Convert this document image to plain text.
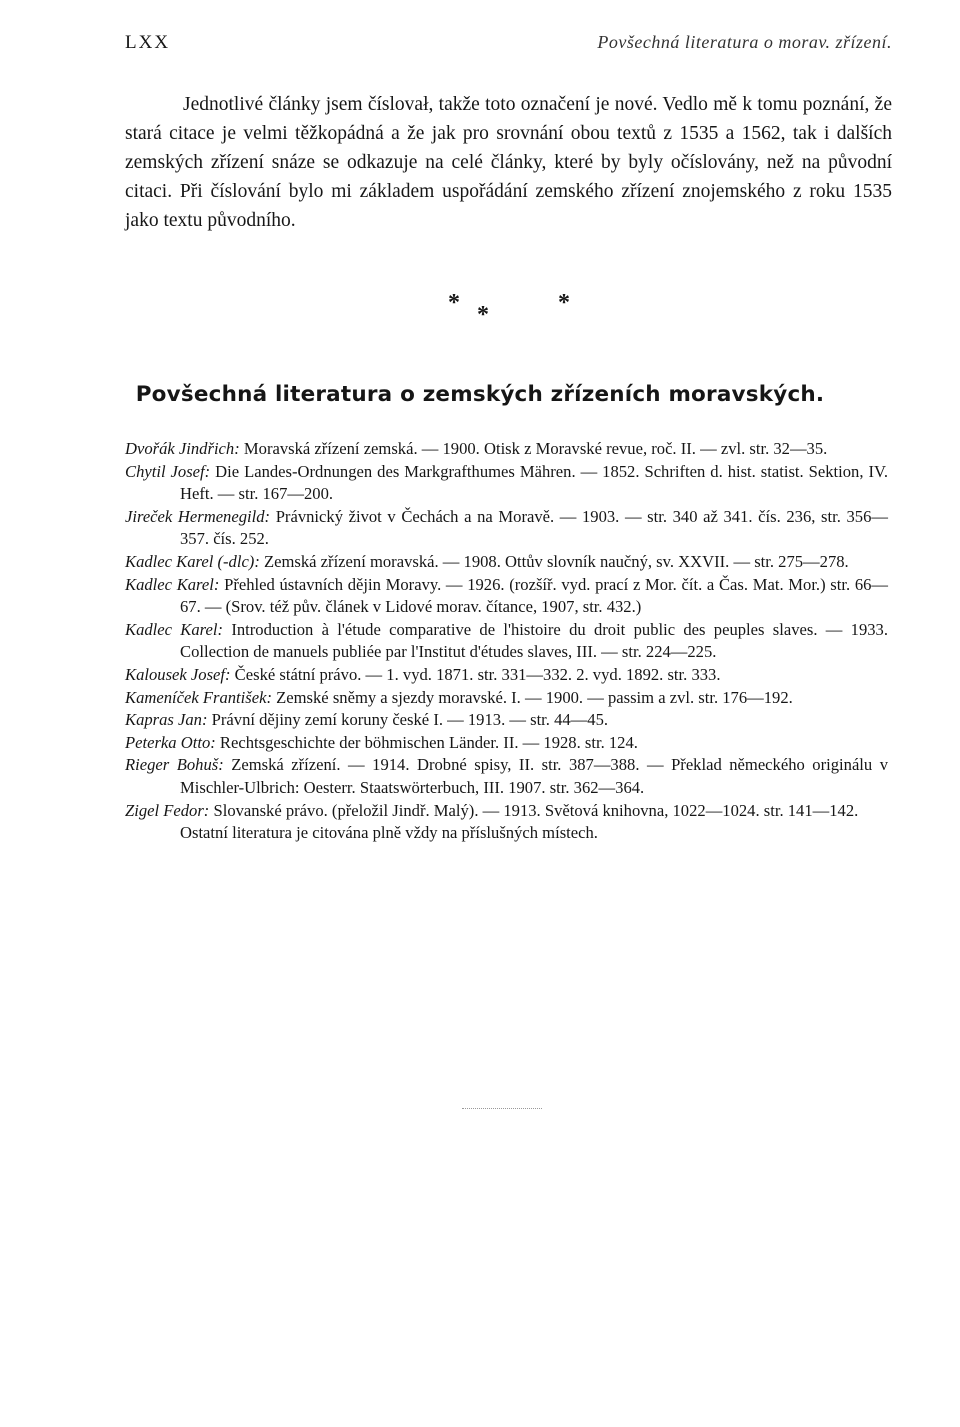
LXX	Povšechná literatura o morav. zřízení.

Jednotlivé články jsem číslovał, takže toto označení je nové. Vedlo mě k tomu poznání, že stará citace je velmi těžkopádná a že jak pro srovnání obou textů z 1535 a 1562, tak i dalších zemských zřízení snáze se odkazuje na celé články, které by byly očíslovány, než na původní citaci. Při číslování bylo mi základem uspořádání zemského zřízení znojemského z roku 1535 jako textu původního.

* *	*
Povšechná literatura o zemských zřízeních moravských.
Dvořák Jindřich: Moravská zřízení zemská. — 1900. Otisk z Moravské revue, roč. II. — zvl. str. 32—35.
Chytil Josef: Die Landes-Ordnungen des Markgrafthumes Mähren. — 1852. Schriften d. hist. statist. Sektion, IV. Heft. — str. 167—200.
Jireček Hermenegild: Právnický život v Čechách a na Moravě. — 1903. — str. 340 až 341. čís. 236, str. 356—357. čís. 252.
Kadlec Karel (-dlc): Zemská zřízení moravská. — 1908. Ottův slovník naučný, sv. XXVII. — str. 275—278.
Kadlec Karel: Přehled ústavních dějin Moravy. — 1926. (rozšíř. vyd. prací z Mor. čít. a Čas. Mat. Mor.) str. 66—67. — (Srov. též pův. článek v Lidové morav. čítance, 1907, str. 432.)
Kadlec Karel: Introduction à l'étude comparative de l'histoire du droit public des peuples slaves. — 1933. Collection de manuels publiée par l'Institut d'études slaves, III. — str. 224—225.
Kalousek Josef: České státní právo. — 1. vyd. 1871. str. 331—332. 2. vyd. 1892. str. 333.
Kameníček František: Zemské sněmy a sjezdy moravské. I. — 1900. — passim a zvl. str. 176—192.
Kapras Jan: Právní dějiny zemí koruny české I. — 1913. — str. 44—45.
Peterka Otto: Rechtsgeschichte der böhmischen Länder. II. — 1928. str. 124.
Rieger Bohuš: Zemská zřízení. — 1914. Drobné spisy, II. str. 387—388. — Překlad německého originálu v Mischler-Ulbrich: Oesterr. Staatswörterbuch, III. 1907. str. 362—364.
Zigel Fedor: Slovanské právo. (přeložil Jindř. Malý). — 1913. Světová knihovna, 1022—1024. str. 141—142.
Ostatní literatura je citována plně vždy na příslušných místech.
